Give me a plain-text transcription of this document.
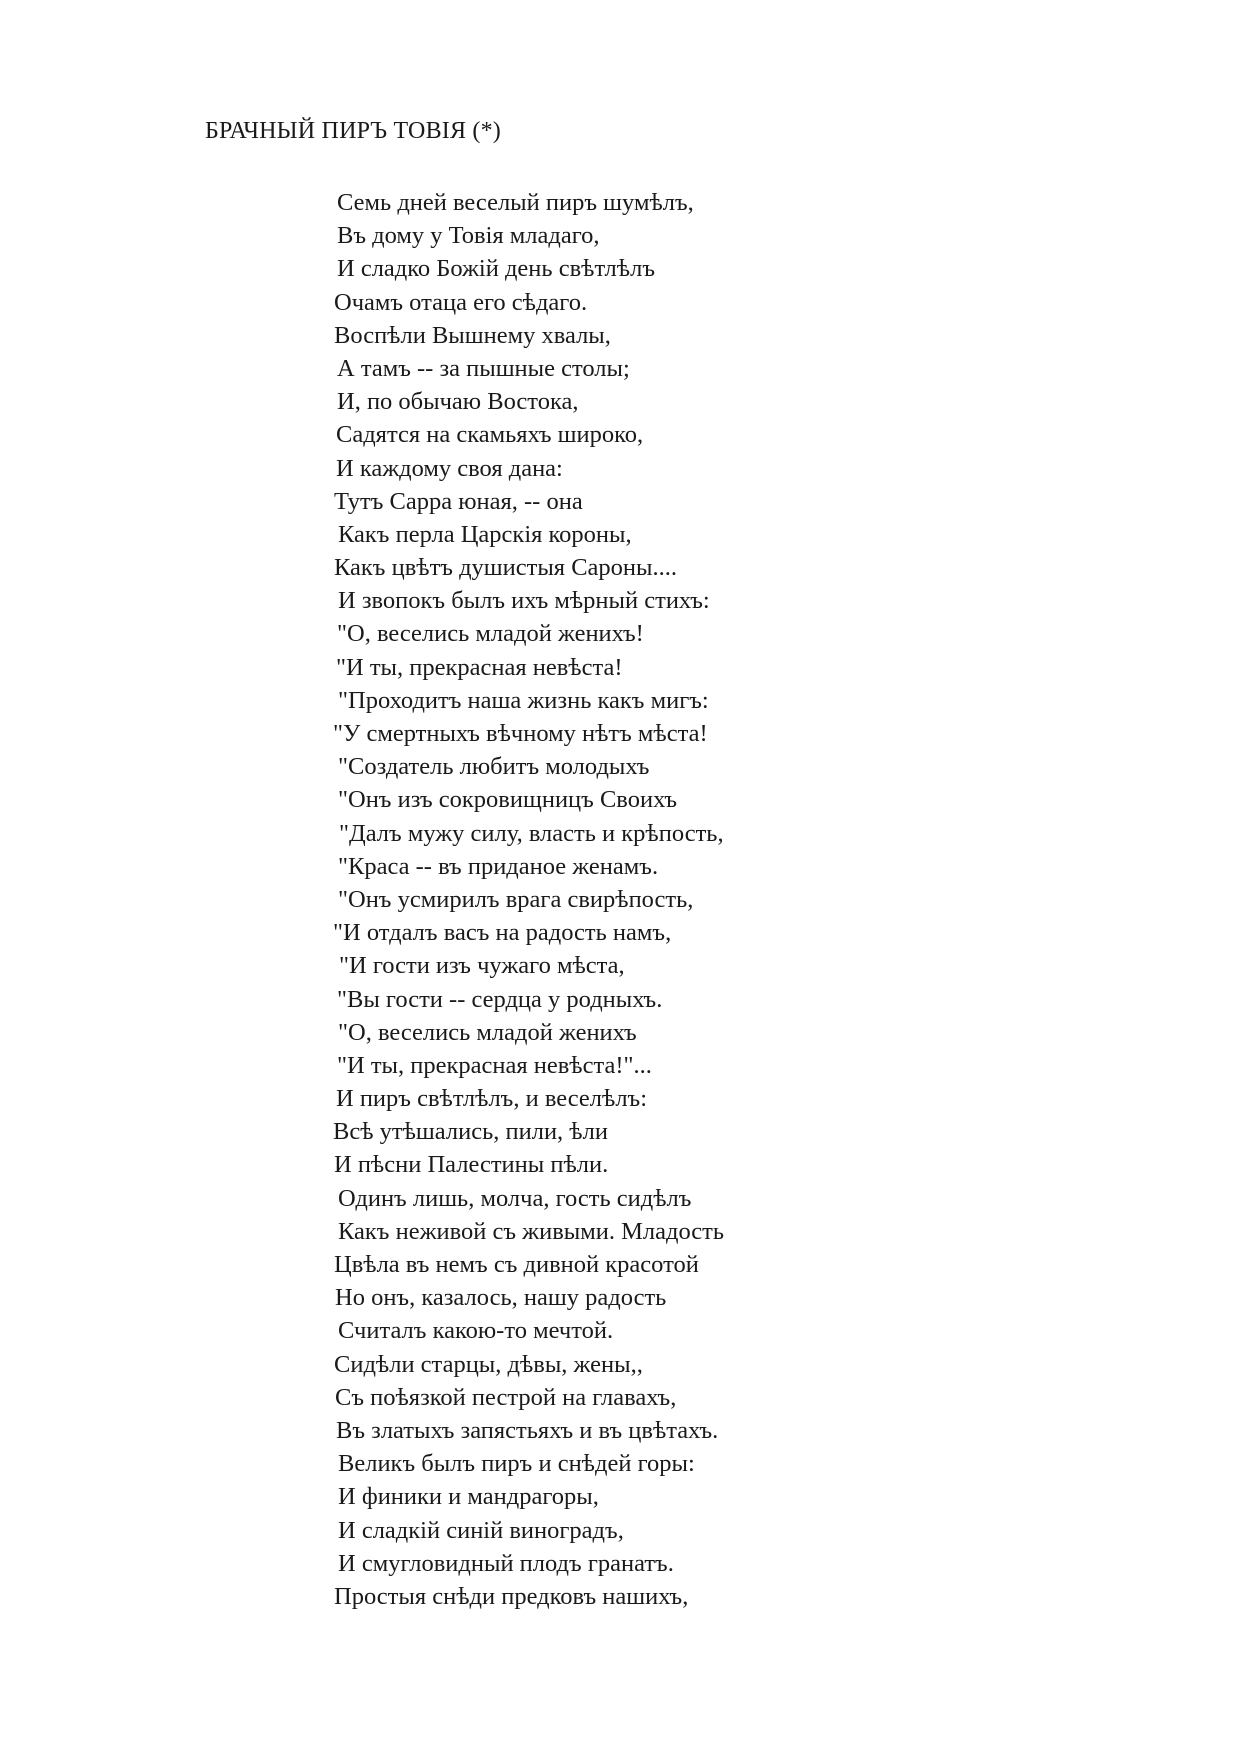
БРАЧНЫЙ ПИРЪ ТОВІЯ (*)
Семь дней веселый пиръ шумѣлъ,
Въ дому у Товія младаго,
И сладко Божій день свѣтлѣлъ
Очамъ отаца его сѣдаго.
Воспѣли Вышнему хвалы,
А тамъ -- за пышные столы;
И, по обычаю Востока,
Садятся на скамьяхъ широко,
И каждому своя дана:
Тутъ Сарра юная, -- она
Какъ перла Царскія короны,
Какъ цвѣтъ душистыя Сароны....
И звопокъ былъ ихъ мѣрный стихъ:
"О, веселись младой женихъ!
"И ты, прекрасная невѣста!
"Проходитъ наша жизнь какъ мигъ:
"У смертныхъ вѣчному нѣтъ мѣста!
"Создатель любитъ молодыхъ
"Онъ изъ сокровищницъ Своихъ
"Далъ мужу силу, власть и крѣпость,
"Краса -- въ приданое женамъ.
"Онъ усмирилъ врага свирѣпость,
"И отдалъ васъ на радость намъ,
"И гости изъ чужаго мѣста,
"Вы гости -- сердца у родныхъ.
"О, веселись младой женихъ
"И ты, прекрасная невѣста!"...
И пиръ свѣтлѣлъ, и веселѣлъ:
Всѣ утѣшались, пили, ѣли
И пѣсни Палестины пѣли.
Одинъ лишь, молча, гость сидѣлъ
Какъ неживой съ живыми. Младость
Цвѣла въ немъ съ дивной красотой
Но онъ, казалось, нашу радость
Считалъ какою-то мечтой.
Сидѣли старцы, дѣвы, жены,,
Съ поѣязкой пестрой на главахъ,
Въ златыхъ запястьяхъ и въ цвѣтахъ.
Великъ былъ пиръ и снѣдей горы:
И финики и мандрагоры,
И сладкій синій виноградъ,
И смугловидный плодъ гранатъ.
Простыя снѣди предковъ нашихъ,
